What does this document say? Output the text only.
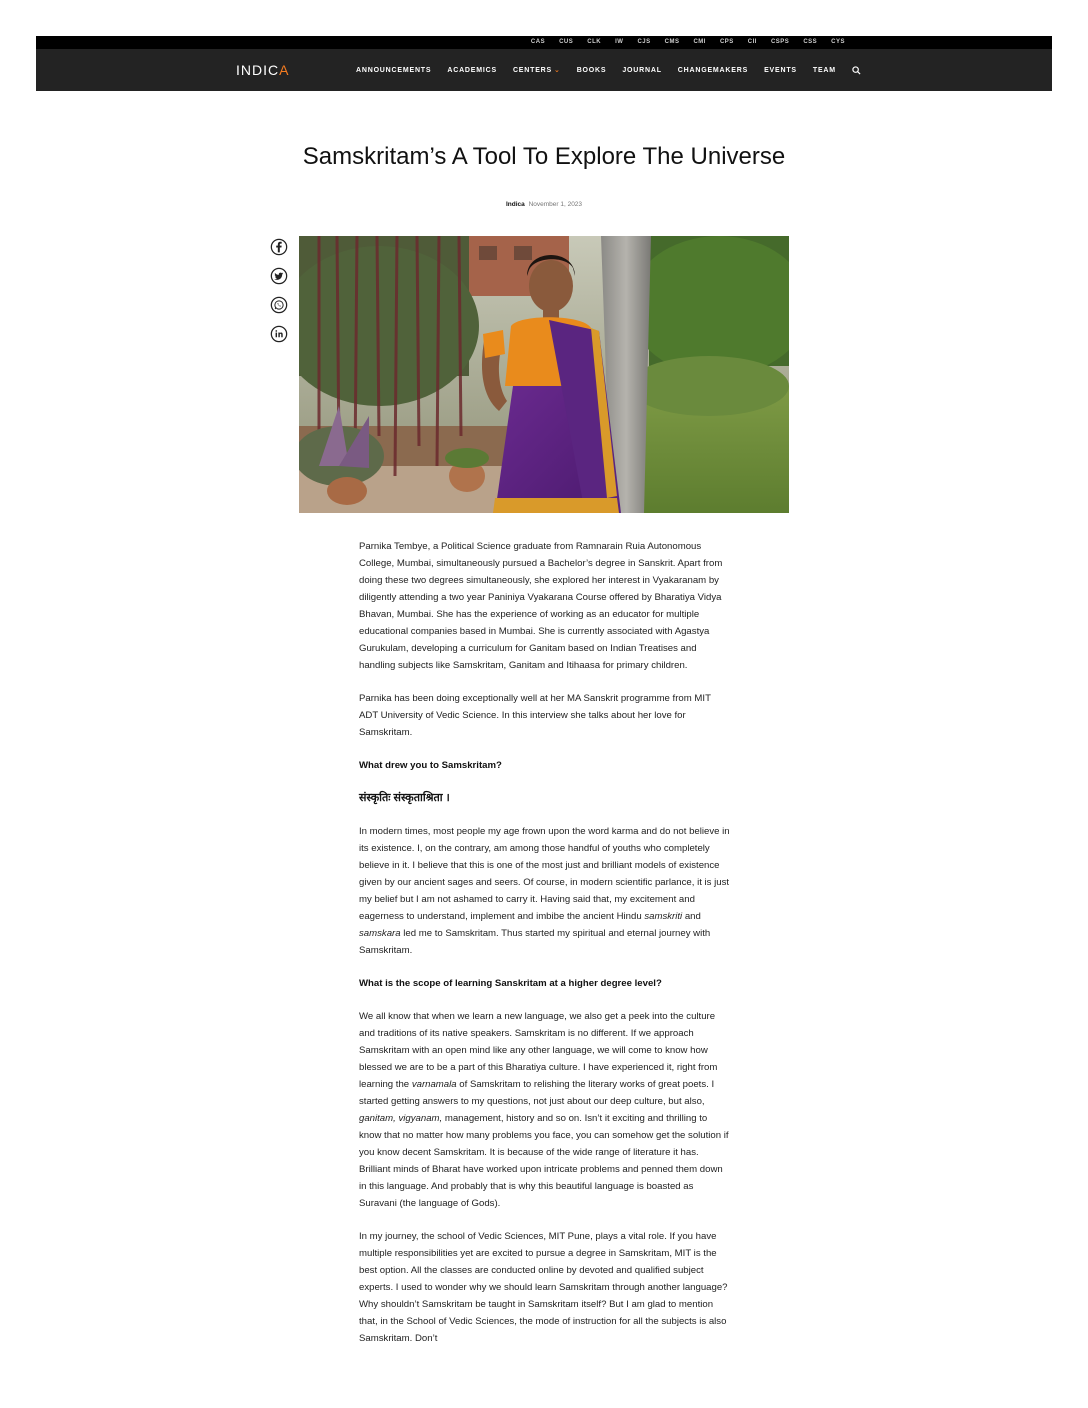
CAS	CUS	CLK	IW	CJS	CMS	CMI	CPS	CII	CSPS	CSS	CYS
INDICA	ANNOUNCEMENTS ACADEMICS CENTERS ⌄ BOOKS JOURNAL CHANGEMAKERS EVENTS TEAM
Samskritam’s A Tool To Explore The Universe
Indica November 1, 2023

Parnika Tembye, a Political Science graduate from Ramnarain Ruia Autonomous College, Mumbai, simultaneously pursued a Bachelor’s degree in Sanskrit. Apart from doing these two degrees simultaneously, she explored her interest in Vyakaranam by diligently attending a two year Paniniya Vyakarana Course offered by Bharatiya Vidya Bhavan, Mumbai. She has the experience of working as an educator for multiple educational companies based in Mumbai. She is currently associated with Agastya Gurukulam, developing a curriculum for Ganitam based on Indian Treatises and handling subjects like Samskritam, Ganitam and Itihaasa for primary children.

Parnika has been doing exceptionally well at her MA Sanskrit programme from MIT ADT University of Vedic Science. In this interview she talks about her love for Samskritam.

What drew you to Samskritam?

संस्कृतिः संस्कृताश्रिता ।

In modern times, most people my age frown upon the word karma and do not believe in its existence. I, on the contrary, am among those handful of youths who completely believe in it. I believe that this is one of the most just and brilliant models of existence given by our ancient sages and seers. Of course, in modern scientific parlance, it is just my belief but I am not ashamed to carry it. Having said that, my excitement and eagerness to understand, implement and imbibe the ancient Hindu samskriti and samskara led me to Samskritam. Thus started my spiritual and eternal journey with Samskritam.

What is the scope of learning Sanskritam at a higher degree level?

We all know that when we learn a new language, we also get a peek into the culture and traditions of its native speakers. Samskritam is no different. If we approach Samskritam with an open mind like any other language, we will come to know how blessed we are to be a part of this Bharatiya culture. I have experienced it, right from learning the varnamala of Samskritam to relishing the literary works of great poets. I started getting answers to my questions, not just about our deep culture, but also, ganitam, vigyanam, management, history and so on. Isn’t it exciting and thrilling to know that no matter how many problems you face, you can somehow get the solution if you know decent Samskritam. It is because of the wide range of literature it has. Brilliant minds of Bharat have worked upon intricate problems and penned them down in this language. And probably that is why this beautiful language is boasted as Suravani (the language of Gods).

In my journey, the school of Vedic Sciences, MIT Pune, plays a vital role. If you have multiple responsibilities yet are excited to pursue a degree in Samskritam, MIT is the best option. All the classes are conducted online by devoted and qualified subject experts. I used to wonder why we should learn Samskritam through another language? Why shouldn’t Samskritam be taught in Samskritam itself? But I am glad to mention that, in the School of Vedic Sciences, the mode of instruction for all the subjects is also Samskritam. Don’t
